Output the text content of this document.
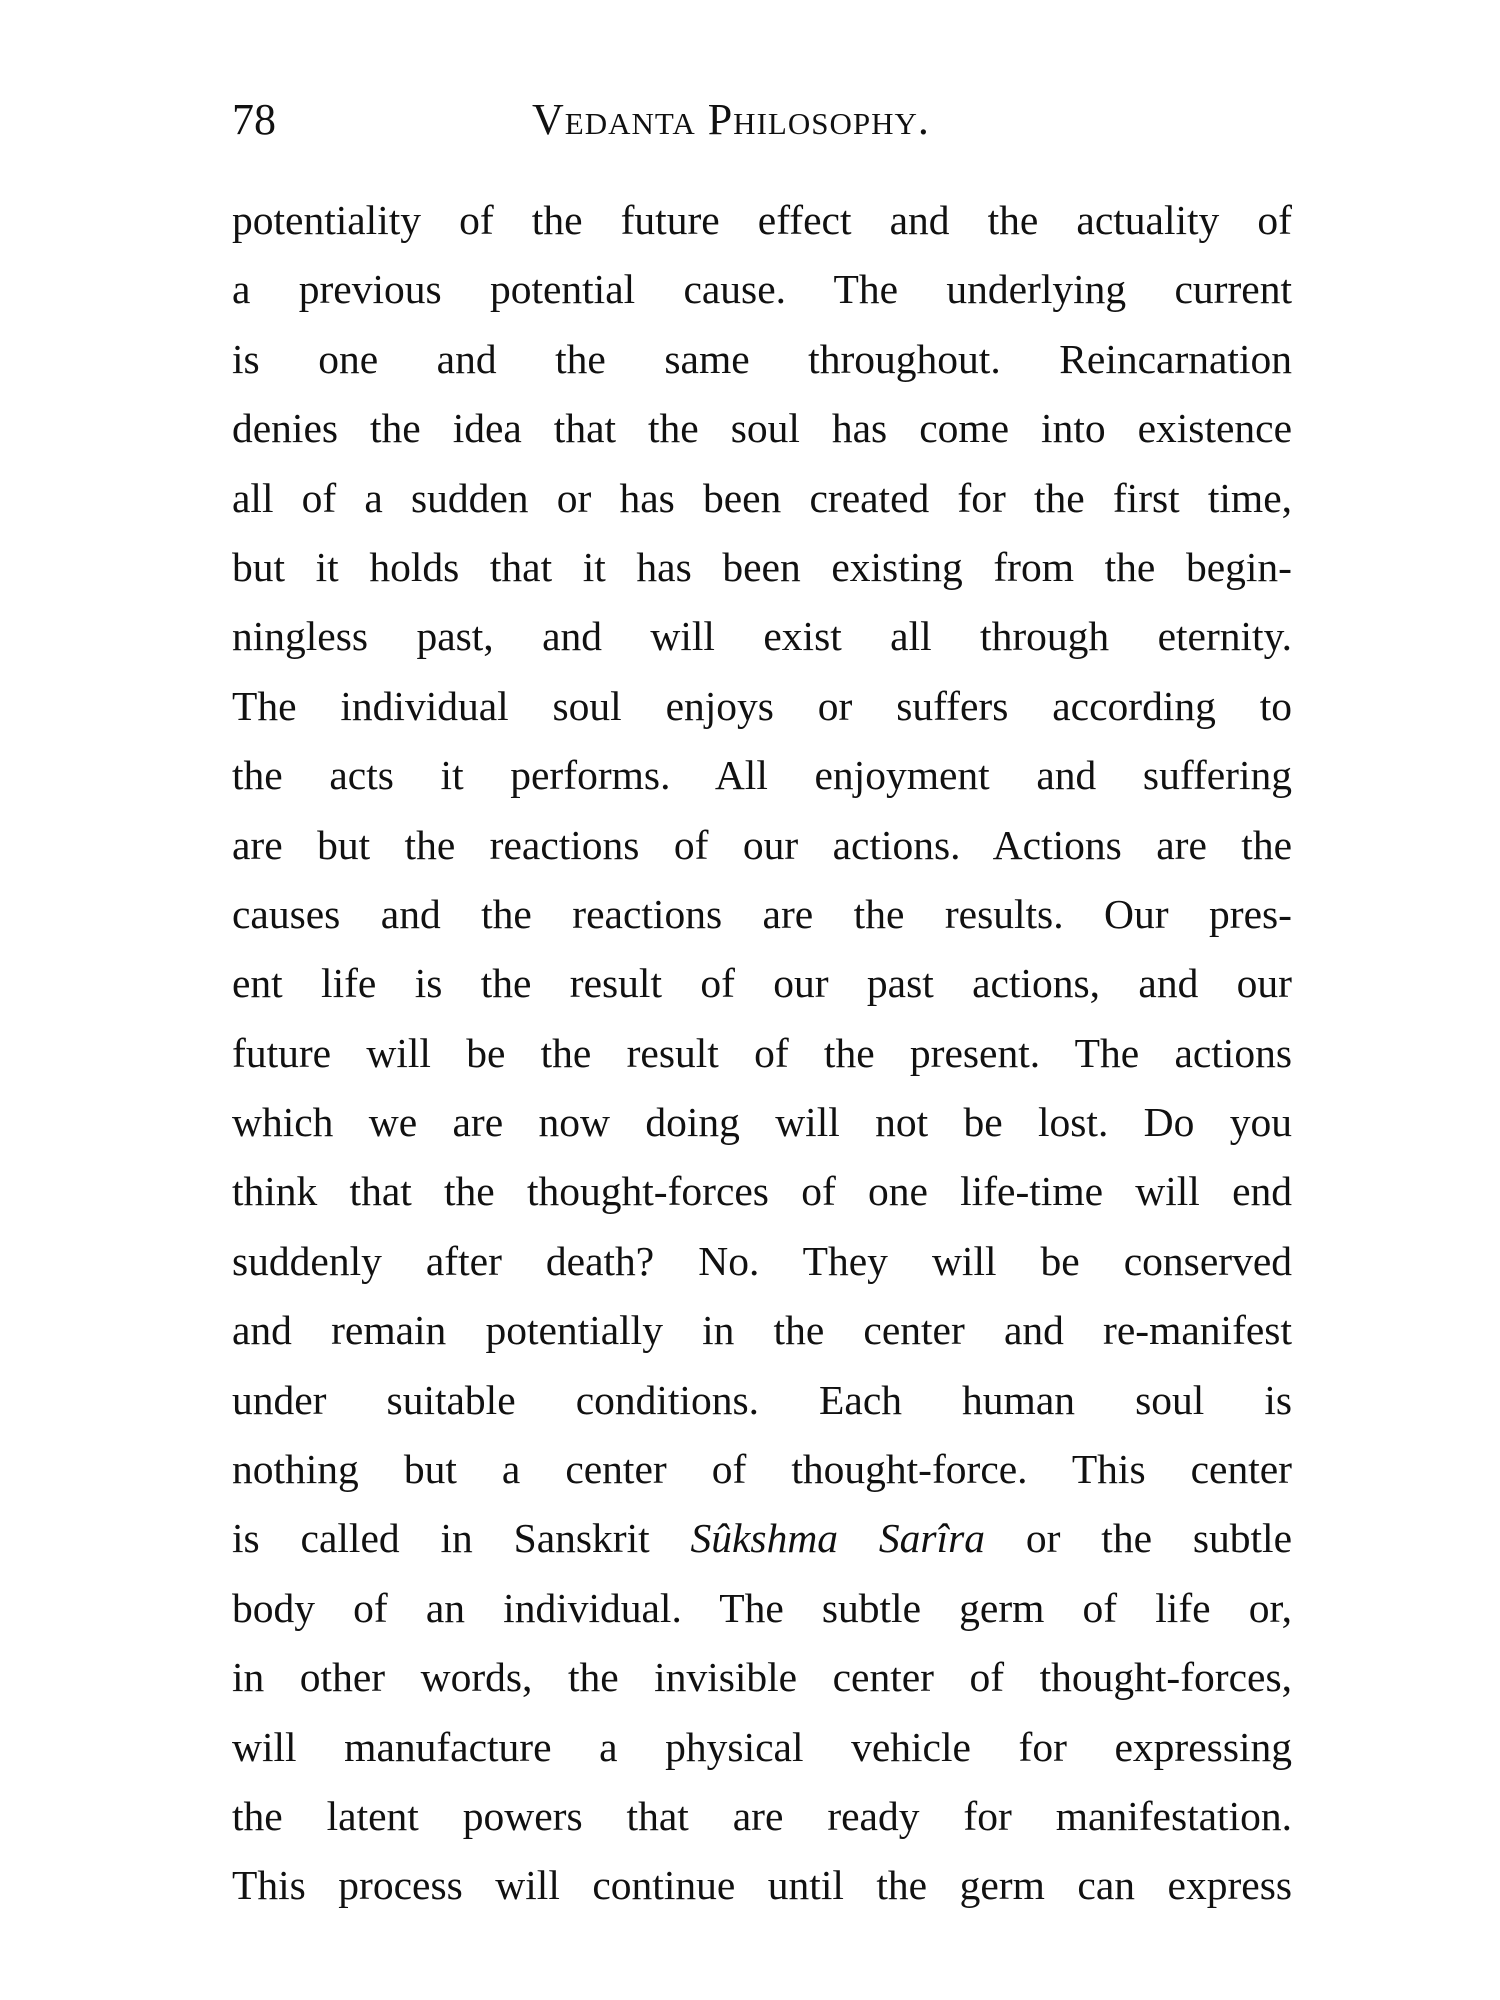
78	Vedanta Philosophy.
potentiality of the future effect and the actuality of
a previous potential cause. The underlying current
is one and the same throughout. Reincarnation
denies the idea that the soul has come into existence
all of a sudden or has been created for the first time,
but it holds that it has been existing from the begin-
ningless past, and will exist all through eternity.
The individual soul enjoys or suffers according to
the acts it performs. All enjoyment and suffering
are but the reactions of our actions. Actions are the
causes and the reactions are the results. Our pres-
ent life is the result of our past actions, and our
future will be the result of the present. The actions
which we are now doing will not be lost. Do you
think that the thought-forces of one life-time will end
suddenly after death? No. They will be conserved
and remain potentially in the center and re-manifest
under suitable conditions. Each human soul is
nothing but a center of thought-force. This center
is called in Sanskrit Sûkshma Sarîra or the subtle
body of an individual. The subtle germ of life or,
in other words, the invisible center of thought-forces,
will manufacture a physical vehicle for expressing
the latent powers that are ready for manifestation.
This process will continue until the germ can express
